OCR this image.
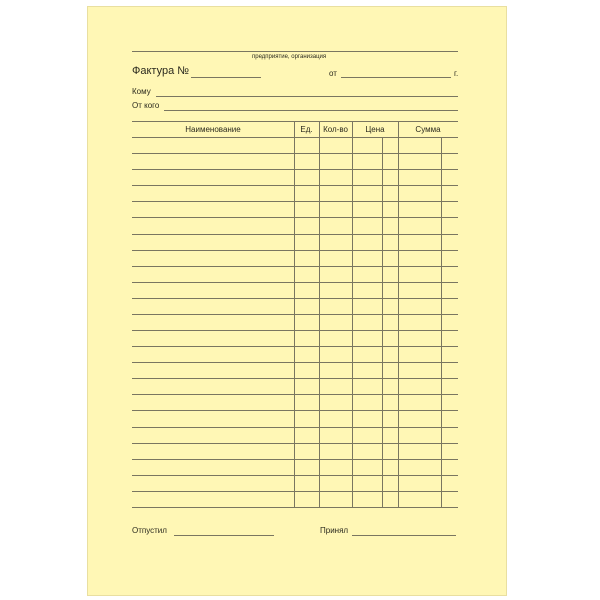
предприятие, организация
Фактура №	от	г.
Кому
От кого
Наименование	Ед.	Кол-во	Цена	Сумма
Отпустил	Принял
